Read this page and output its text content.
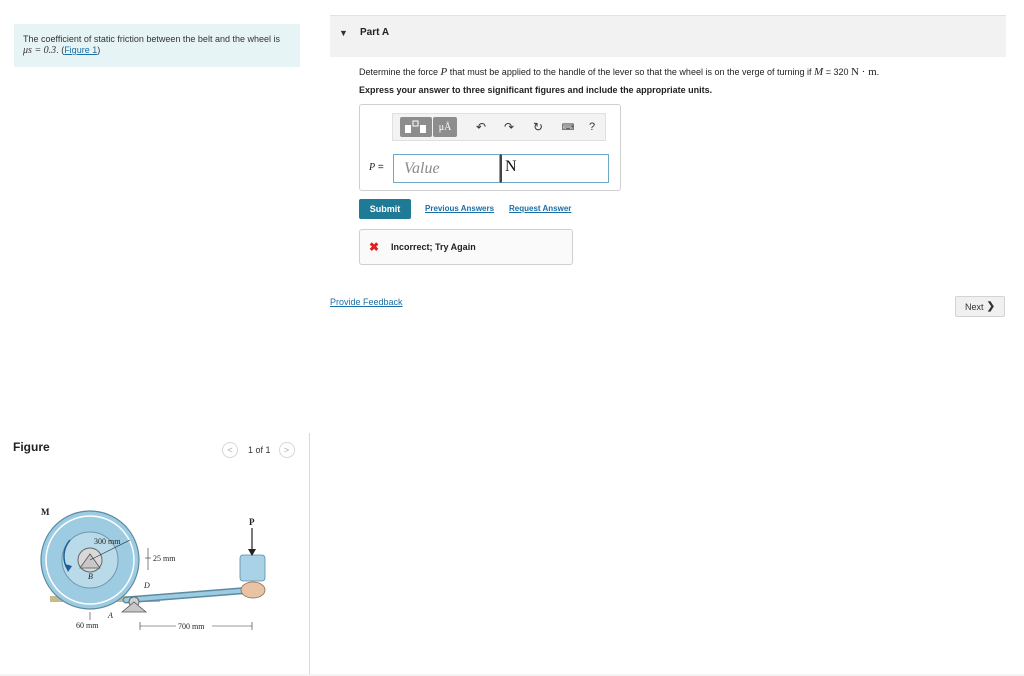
The coefficient of static friction between the belt and the wheel is μs = 0.3. (Figure 1)
Figure	<	1 of 1	>
M
P
B
D
A
300 mm
25 mm
60 mm	700 mm
▼ Part A
Determine the force P that must be applied to the handle of the lever so that the wheel is on the verge of turning if M = 320 N · m.
Express your answer to three significant figures and include the appropriate units.
μÅ	↶ ↷ ↻	⌨	?
P =
Value	N
Submit	Previous Answers Request Answer
✖ Incorrect; Try Again
Provide Feedback	Next ❯
